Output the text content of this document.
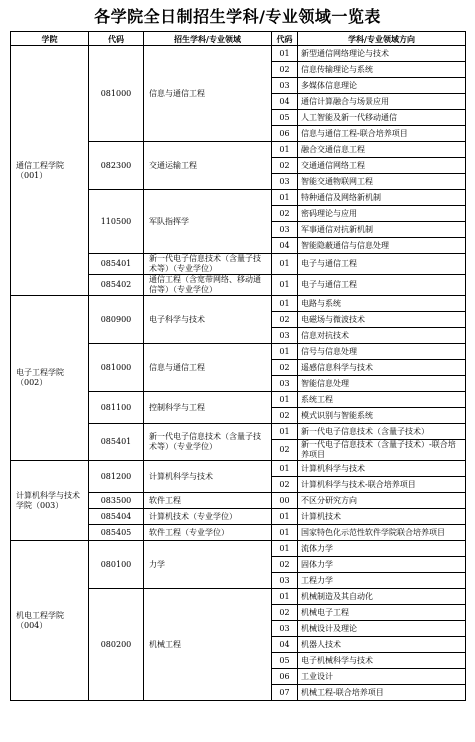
各学院全日制招生学科/专业领域一览表
学院	代码	招生学科/专业领域	代码	学科/专业领域方向
通信工程学院
（001）	081000	信息与通信工程	01	新型通信网络理论与技术
			02	信息传输理论与系统
			03	多媒体信息理论
			04	通信计算融合与场景应用
			05	人工智能及新一代移动通信
			06	信息与通信工程-联合培养项目
	082300	交通运输工程	01	融合交通信息工程
			02	交通通信网络工程
			03	智能交通物联网工程
	110500	军队指挥学	01	特种通信及网络新机制
			02	密码理论与应用
			03	军事通信对抗新机制
			04	智能隐蔽通信与信息处理
	085401	新一代电子信息技术（含量子技术等）（专业学位）	01	电子与通信工程
	085402	通信工程（含宽带网络、移动通信等）（专业学位）	01	电子与通信工程
电子工程学院
（002）	080900	电子科学与技术	01	电路与系统
			02	电磁场与微波技术
			03	信息对抗技术
	081000	信息与通信工程	01	信号与信息处理
			02	遥感信息科学与技术
			03	智能信息处理
	081100	控制科学与工程	01	系统工程
			02	模式识别与智能系统
	085401	新一代电子信息技术（含量子技术等）（专业学位）	01	新一代电子信息技术（含量子技术）
			02	新一代电子信息技术（含量子技术）-联合培养项目
计算机科学与技术学院（003）	081200	计算机科学与技术	01	计算机科学与技术
			02	计算机科学与技术-联合培养项目
	083500	软件工程	00	不区分研究方向
	085404	计算机技术（专业学位）	01	计算机技术
	085405	软件工程（专业学位）	01	国家特色化示范性软件学院联合培养项目
机电工程学院
（004）	080100	力学	01	流体力学
			02	固体力学
			03	工程力学
	080200	机械工程	01	机械制造及其自动化
			02	机械电子工程
			03	机械设计及理论
			04	机器人技术
			05	电子机械科学与技术
			06	工业设计
			07	机械工程-联合培养项目
